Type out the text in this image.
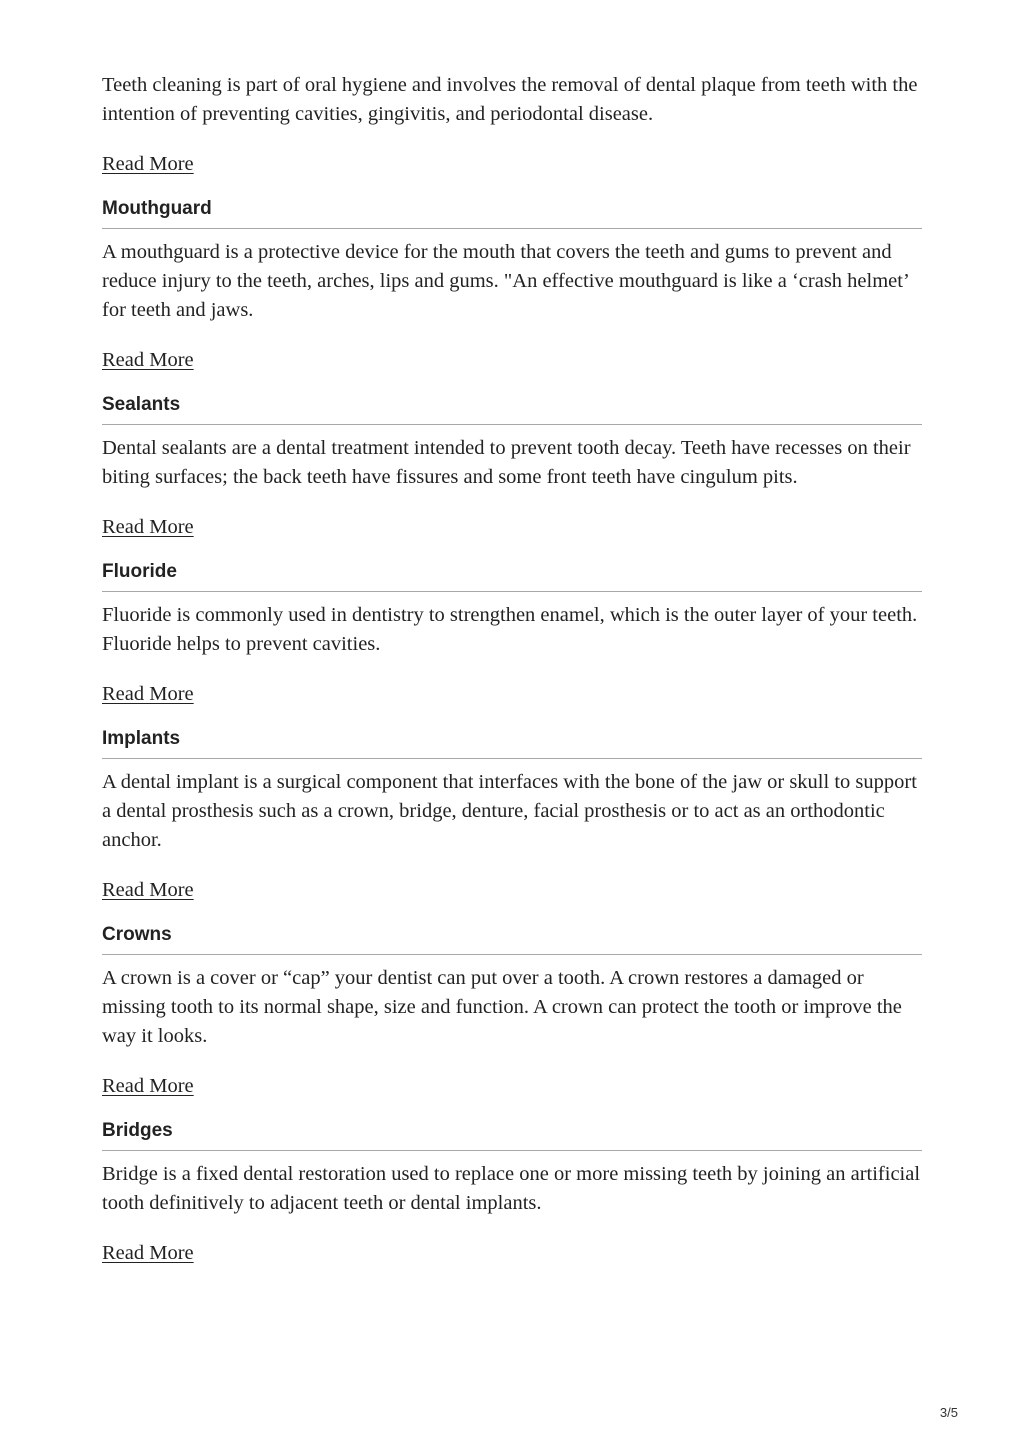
Teeth cleaning is part of oral hygiene and involves the removal of dental plaque from teeth with the intention of preventing cavities, gingivitis, and periodontal disease.

Read More
Mouthguard

A mouthguard is a protective device for the mouth that covers the teeth and gums to prevent and reduce injury to the teeth, arches, lips and gums. "An effective mouthguard is like a ‘crash helmet’ for teeth and jaws.

Read More
Sealants

Dental sealants are a dental treatment intended to prevent tooth decay. Teeth have recesses on their biting surfaces; the back teeth have fissures and some front teeth have cingulum pits.

Read More
Fluoride

Fluoride is commonly used in dentistry to strengthen enamel, which is the outer layer of your teeth. Fluoride helps to prevent cavities.

Read More
Implants

A dental implant is a surgical component that interfaces with the bone of the jaw or skull to support a dental prosthesis such as a crown, bridge, denture, facial prosthesis or to act as an orthodontic anchor.

Read More
Crowns

A crown is a cover or “cap” your dentist can put over a tooth. A crown restores a damaged or missing tooth to its normal shape, size and function. A crown can protect the tooth or improve the way it looks.

Read More
Bridges

Bridge is a fixed dental restoration used to replace one or more missing teeth by joining an artificial tooth definitively to adjacent teeth or dental implants.

Read More
3/5
